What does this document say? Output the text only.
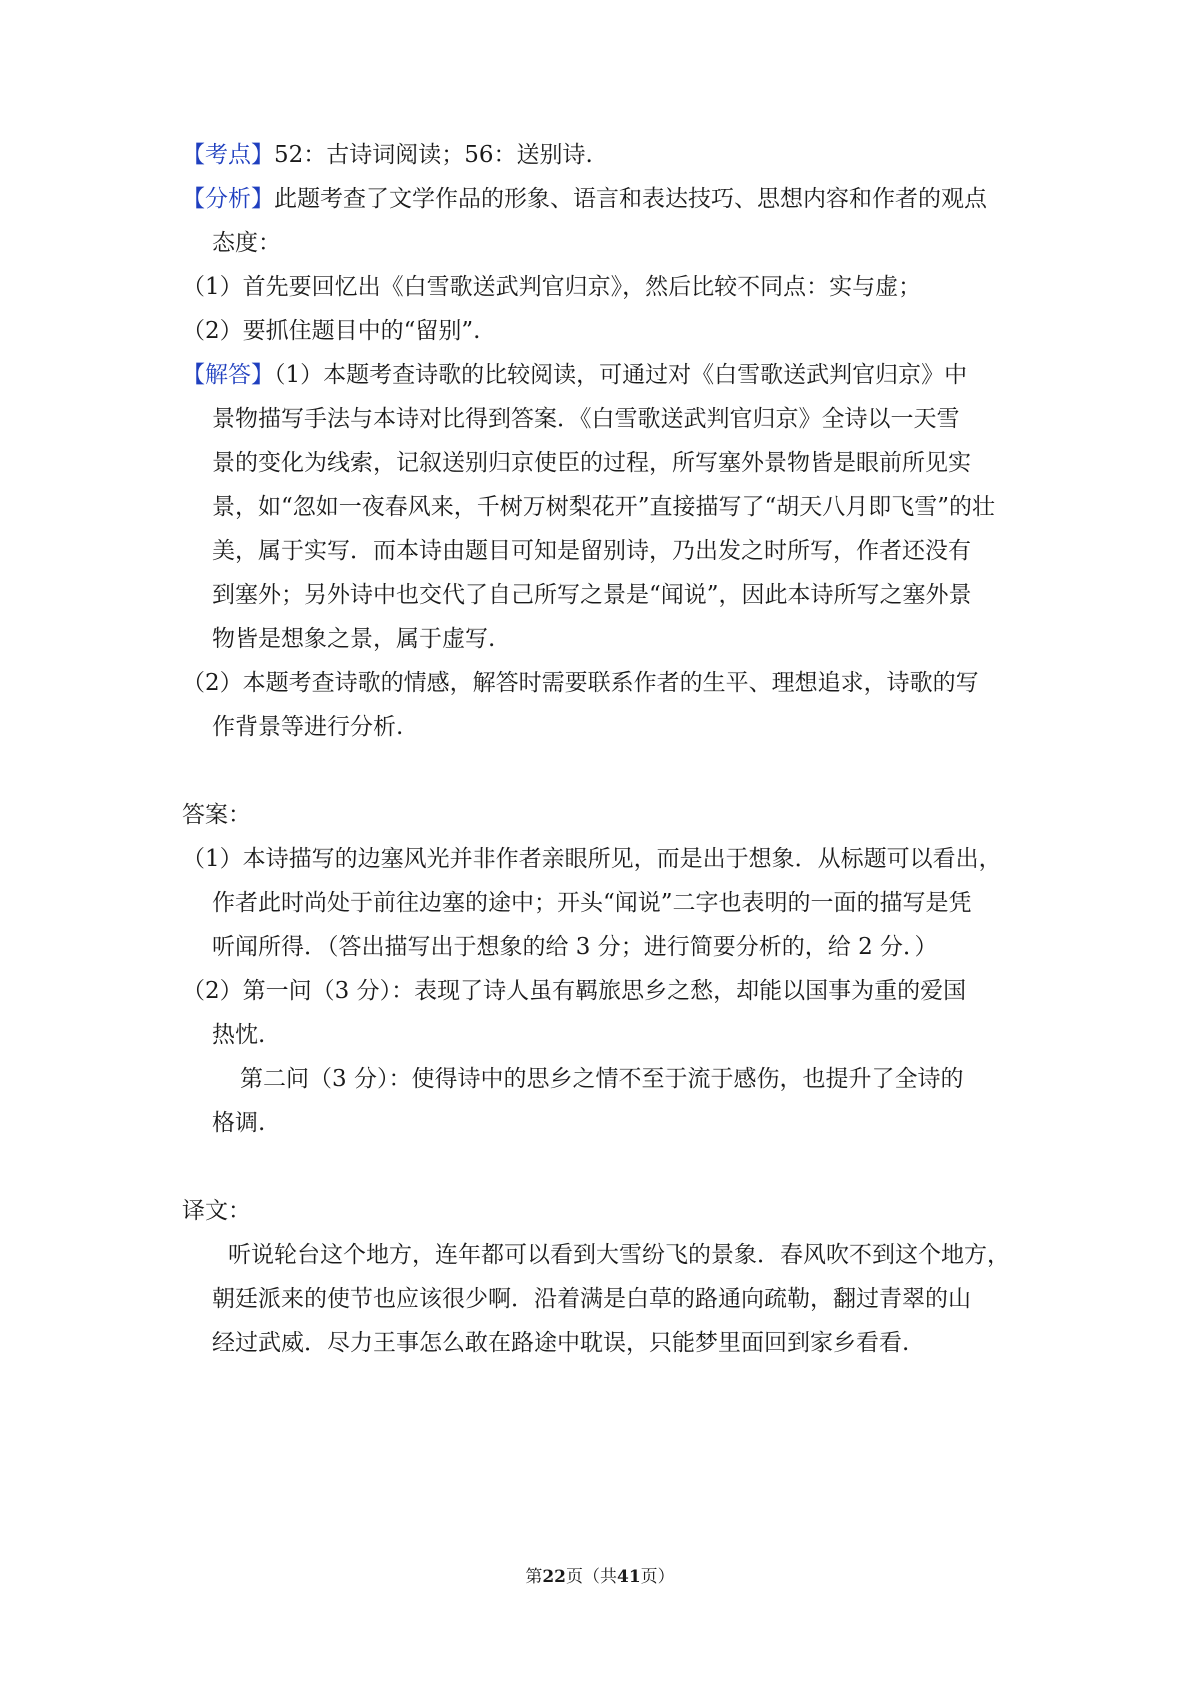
【考点】52：古诗词阅读；56：送别诗.
【分析】此题考查了文学作品的形象、语言和表达技巧、思想内容和作者的观点
态度：
（1）首先要回忆出《白雪歌送武判官归京》，然后比较不同点：实与虚；
（2）要抓住题目中的“留别”.
【解答】（1）本题考查诗歌的比较阅读，可通过对《白雪歌送武判官归京》中
景物描写手法与本诗对比得到答案．《白雪歌送武判官归京》全诗以一天雪
景的变化为线索，记叙送别归京使臣的过程，所写塞外景物皆是眼前所见实
景，如“忽如一夜春风来，千树万树梨花开”直接描写了“胡天八月即飞雪”的壮
美，属于实写．而本诗由题目可知是留别诗，乃出发之时所写，作者还没有
到塞外；另外诗中也交代了自己所写之景是“闻说”，因此本诗所写之塞外景
物皆是想象之景，属于虚写.
（2）本题考查诗歌的情感，解答时需要联系作者的生平、理想追求，诗歌的写
作背景等进行分析.
答案：
（1）本诗描写的边塞风光并非作者亲眼所见，而是出于想象．从标题可以看出，
作者此时尚处于前往边塞的途中；开头“闻说”二字也表明的一面的描写是凭
听闻所得．（答出描写出于想象的给 3 分；进行简要分析的，给 2 分．）
（2）第一问（3 分）：表现了诗人虽有羁旅思乡之愁，却能以国事为重的爱国
热忱.
第二问（3 分）：使得诗中的思乡之情不至于流于感伤，也提升了全诗的
格调.
译文：
听说轮台这个地方，连年都可以看到大雪纷飞的景象．春风吹不到这个地方，
朝廷派来的使节也应该很少啊．沿着满是白草的路通向疏勒，翻过青翠的山
经过武威．尽力王事怎么敢在路途中耽误，只能梦里面回到家乡看看.
第22页（共41页）
